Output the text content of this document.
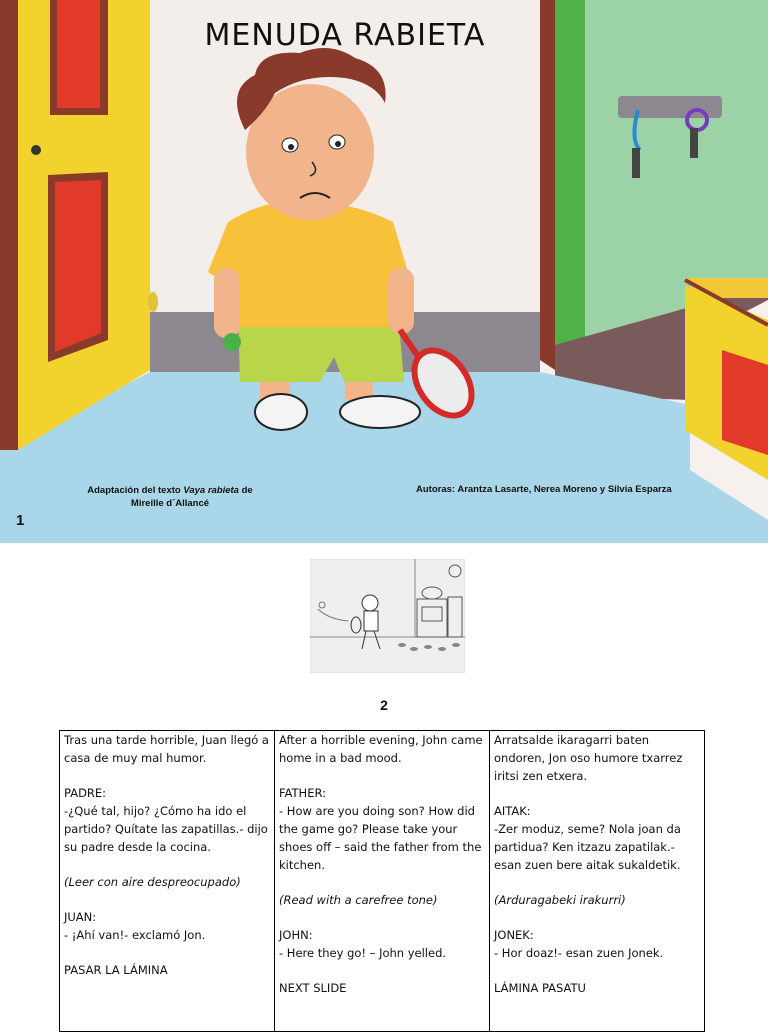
MENUDA RABIETA
Adaptación del texto Vaya rabieta de
Mireille d´Allancé
Autoras: Arantza Lasarte, Nerea Moreno y Silvia Esparza
1
2
Tras una tarde horrible, Juan llegó a casa de muy mal humor.
PADRE:
-¿Qué tal, hijo? ¿Cómo ha ido el partido? Quítate las zapatillas.- dijo su padre desde la cocina.
(Leer con aire despreocupado)
JUAN:
- ¡Ahí van!- exclamó Jon.
PASAR LA LÁMINA

After a horrible evening, John came home in a bad mood.
FATHER:
- How are you doing son? How did the game go? Please take your shoes off – said the father from the kitchen.
(Read with a carefree tone)
JOHN:
- Here they go! – John yelled.
NEXT SLIDE

Arratsalde ikaragarri baten ondoren, Jon oso humore txarrez iritsi zen etxera.
AITAK:
-Zer moduz, seme? Nola joan da partidua? Ken itzazu zapatilak.- esan zuen bere aitak sukaldetik.
(Arduragabeki irakurri)
JONEK:
- Hor doaz!- esan zuen Jonek.
LÁMINA PASATU
